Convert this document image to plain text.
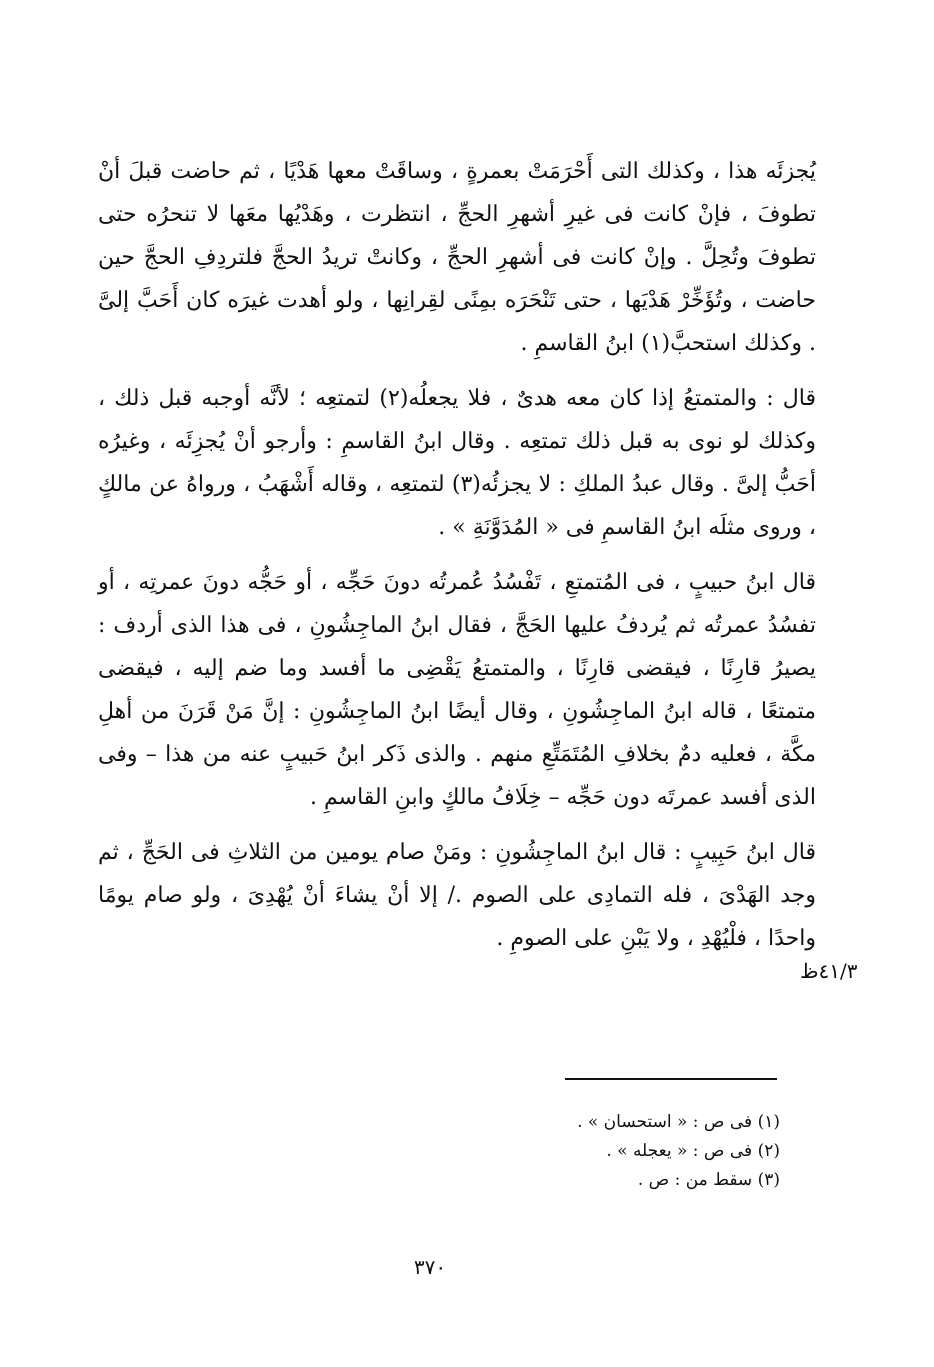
يُجزئَه هذا ، وكذلك التى أَحْرَمَتْ بعمرةٍ ، وساقَتْ معها هَدْيًا ، ثم حاضت قبلَ أنْ تطوفَ ، فإنْ كانت فى غيرِ أشهرِ الحجِّ ، انتظرت ، وهَدْيُها معَها لا تنحرُه حتى تطوفَ وتُحِلَّ . وإنْ كانت فى أشهرِ الحجِّ ، وكانتْ تريدُ الحجَّ فلتردِفِ الحجَّ حين حاضت ، وتُؤَخِّرْ هَدْيَها ، حتى تَنْحَرَه بمِنًى لقِرانِها ، ولو أهدت غيرَه كان أَحَبَّ إلىَّ . وكذلك استحبَّ(١) ابنُ القاسمِ .

قال : والمتمتعُ إذا كان معه هدىٌ ، فلا يجعلُه(٢) لتمتعِه ؛ لأنَّه أوجبه قبل ذلك ، وكذلك لو نوى به قبل ذلك تمتعِه . وقال ابنُ القاسمِ : وأرجو أنْ يُجزِئَه ، وغيرُه أحَبُّ إلىَّ . وقال عبدُ الملكِ : لا يجزئُه(٣) لتمتعِه ، وقاله أَشْهَبُ ، ورواهُ عن مالكٍ ، وروى مثلَه ابنُ القاسمِ فى « المُدَوَّنَةِ » .

قال ابنُ حبيبٍ ، فى المُتمتعِ ، تَفْسُدُ عُمرتُه دونَ حَجِّه ، أو حَجُّه دونَ عمرتِه ، أو تفسُدُ عمرتُه ثم يُردفُ عليها الحَجَّ ، فقال ابنُ الماجِشُونِ ، فى هذا الذى أردف : يصيرُ قارِنًا ، فيقضى قارِنًا ، والمتمتعُ يَقْضِى ما أفسد وما ضم إليه ، فيقضى متمتعًا ، قاله ابنُ الماجِشُونِ ، وقال أيضًا ابنُ الماجِشُونِ : إنَّ مَنْ قَرَنَ من أهلِ مكَّة ، فعليه دمٌ بخلافِ المُتَمَتِّعِ منهم . والذى ذَكر ابنُ حَبيبٍ عنه من هذا – وفى الذى أفسد عمرتَه دون حَجِّه – خِلَافُ مالكٍ وابنِ القاسمِ .

قال ابنُ حَبِيبٍ : قال ابنُ الماجِشُونِ : ومَنْ صام يومين من الثلاثِ فى الحَجِّ ، ثم وجد الهَدْىَ ، فله التمادِى على الصوم ./ إلا أنْ يشاءَ أنْ يُهْدِىَ ، ولو صام يومًا واحدًا ، فلْيُهْدِ ، ولا يَبْنِ على الصومِ .

٤١/٣ظ

(١) فى ص : « استحسان » .

(٢) فى ص : « يعجله » .

(٣) سقط من : ص .

٣٧٠
